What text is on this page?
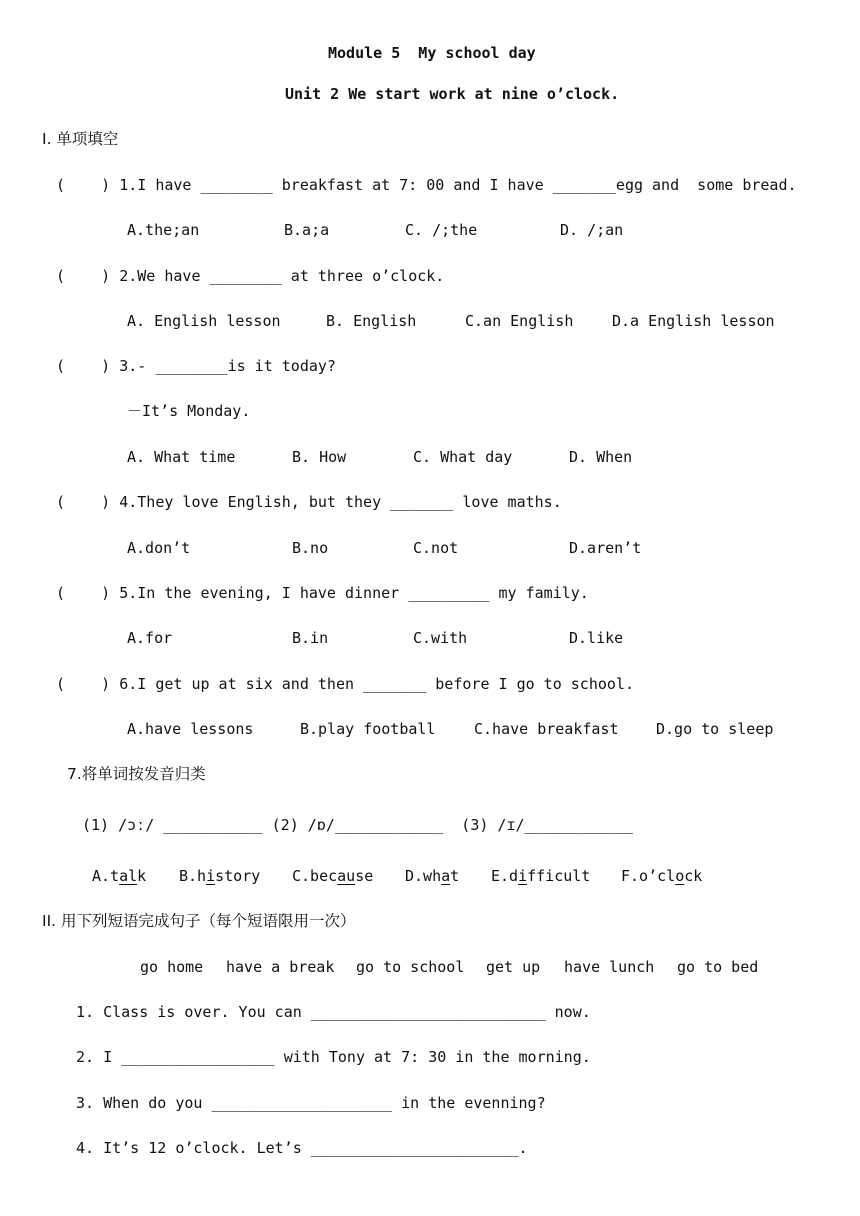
Module 5  My school day
Unit 2 We start work at nine o’clock.
I. 单项填空
(    ) 1.I have ________ breakfast at 7: 00 and I have _______egg and  some bread.
A.the;an	B.a;a	C. /;the	D. /;an
(    ) 2.We have ________ at three o’clock.
A. English lesson	B. English	C.an English	D.a English lesson
(    ) 3.- ________is it today?
－It’s Monday.
A. What time	B. How	C. What day	D. When
(    ) 4.They love English, but they _______ love maths.
A.don’t	B.no	C.not	D.aren’t
(    ) 5.In the evening, I have dinner _________ my family.
A.for	B.in	C.with	D.like
(    ) 6.I get up at six and then _______ before I go to school.
A.have lessons	B.play football	C.have breakfast	D.go to sleep
7.将单词按发音归类
(1) /ɔː/ ___________ (2) /ɒ/____________  (3) /ɪ/____________
A.talk B.history C.because D.what E.difficult F.o’clock
II. 用下列短语完成句子（每个短语限用一次）
go home have a break go to school get up have lunch go to bed
1. Class is over. You can __________________________ now.
2. I _________________ with Tony at 7: 30 in the morning.
3. When do you ____________________ in the evenning?
4. It’s 12 o’clock. Let’s _______________________.
